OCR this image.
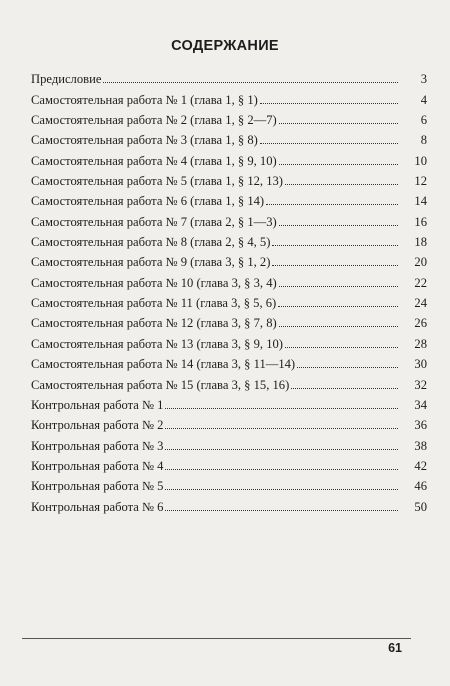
СОДЕРЖАНИЕ
Предисловие	3
Самостоятельная работа № 1 (глава 1, § 1)	4
Самостоятельная работа № 2 (глава 1, § 2—7)	6
Самостоятельная работа № 3 (глава 1, § 8)	8
Самостоятельная работа № 4 (глава 1, § 9, 10)	10
Самостоятельная работа № 5 (глава 1, § 12, 13)	12
Самостоятельная работа № 6 (глава 1, § 14)	14
Самостоятельная работа № 7 (глава 2, § 1—3)	16
Самостоятельная работа № 8 (глава 2, § 4, 5)	18
Самостоятельная работа № 9 (глава 3, § 1, 2)	20
Самостоятельная работа № 10 (глава 3, § 3, 4)	22
Самостоятельная работа № 11 (глава 3, § 5, 6)	24
Самостоятельная работа № 12 (глава 3, § 7, 8)	26
Самостоятельная работа № 13 (глава 3, § 9, 10)	28
Самостоятельная работа № 14 (глава 3, § 11—14)	30
Самостоятельная работа № 15 (глава 3, § 15, 16)	32
Контрольная работа № 1	34
Контрольная работа № 2	36
Контрольная работа № 3	38
Контрольная работа № 4	42
Контрольная работа № 5	46
Контрольная работа № 6	50
61
